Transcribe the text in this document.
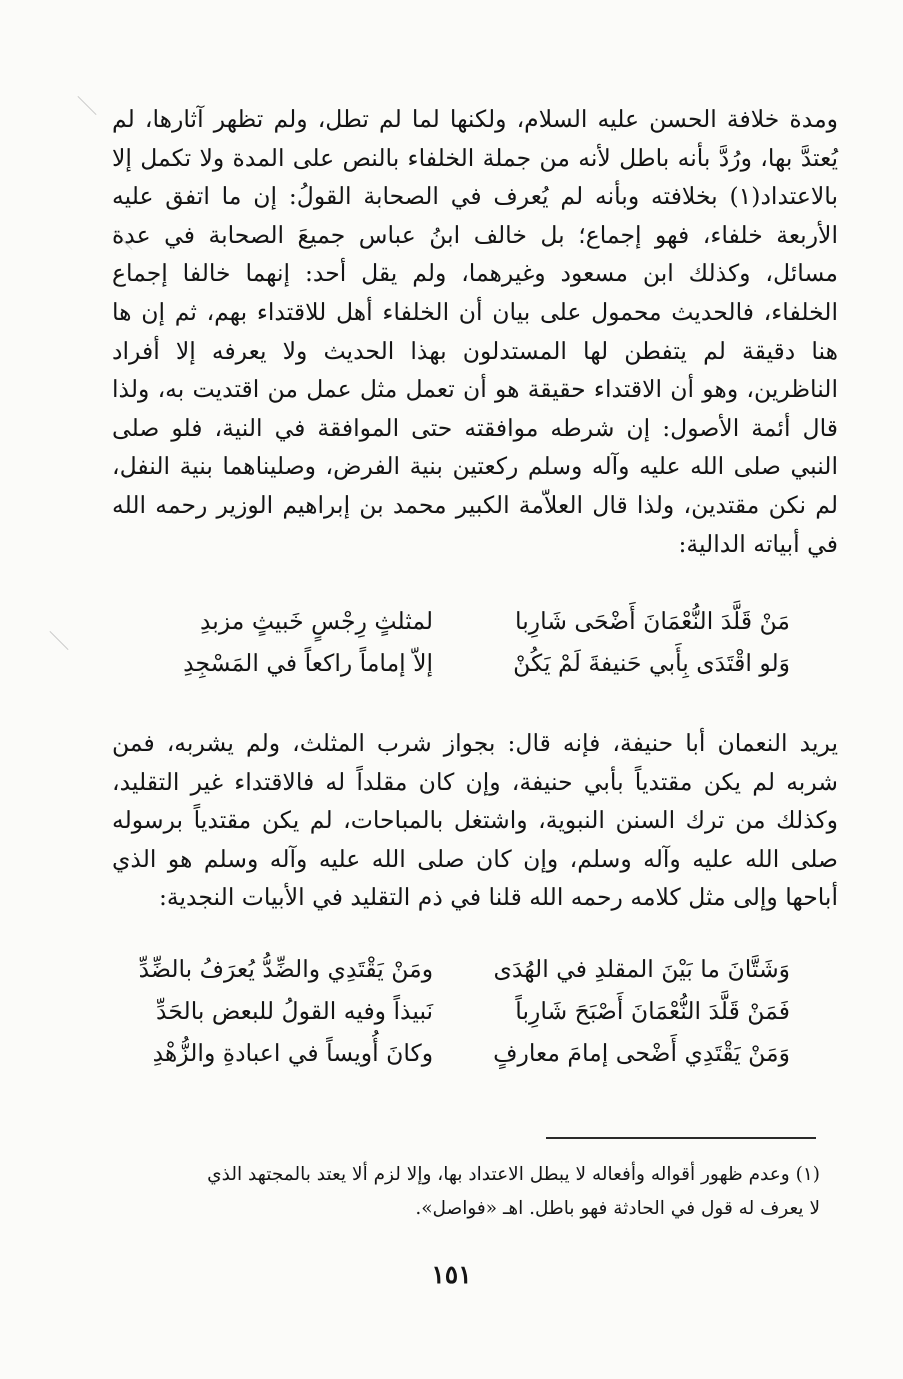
ومدة خلافة الحسن عليه السلام، ولكنها لما لم تطل، ولم تظهر آثارها، لم يُعتدَّ بها، ورُدَّ بأنه باطل لأنه من جملة الخلفاء بالنص على المدة ولا تكمل إلا بالاعتداد(١) بخلافته وبأنه لم يُعرف في الصحابة القولُ: إن ما اتفق عليه الأربعة خلفاء، فهو إجماع؛ بل خالف ابنُ عباس جميعَ الصحابة في عدة مسائل، وكذلك ابن مسعود وغيرهما، ولم يقل أحد: إنهما خالفا إجماع الخلفاء، فالحديث محمول على بيان أن الخلفاء أهل للاقتداء بهم، ثم إن ها هنا دقيقة لم يتفطن لها المستدلون بهذا الحديث ولا يعرفه إلا أفراد الناظرين، وهو أن الاقتداء حقيقة هو أن تعمل مثل عمل من اقتديت به، ولذا قال أئمة الأصول: إن شرطه موافقته حتى الموافقة في النية، فلو صلى النبي صلى الله عليه وآله وسلم ركعتين بنية الفرض، وصليناهما بنية النفل، لم نكن مقتدين، ولذا قال العلاّمة الكبير محمد بن إبراهيم الوزير رحمه الله في أبياته الدالية:

مَنْ قَلَّدَ النُّعْمَانَ أَضْحَى شَارِبا
لمثلثٍ رِجْسٍ خَبيثٍ مزبدِ
وَلو اقْتَدَى بِأَبي حَنيفةَ لَمْ يَكُنْ
إلاّ إماماً راكعاً في المَسْجِدِ

يريد النعمان أبا حنيفة، فإنه قال: بجواز شرب المثلث، ولم يشربه، فمن شربه لم يكن مقتدياً بأبي حنيفة، وإن كان مقلداً له فالاقتداء غير التقليد، وكذلك من ترك السنن النبوية، واشتغل بالمباحات، لم يكن مقتدياً برسوله صلى الله عليه وآله وسلم، وإن كان صلى الله عليه وآله وسلم هو الذي أباحها وإلى مثل كلامه رحمه الله قلنا في ذم التقليد في الأبيات النجدية:

وَشَتَّانَ ما بَيْنَ المقلدِ في الهُدَى
ومَنْ يَقْتَدِي والضِّدُّ يُعرَفُ بالضِّدِّ
فَمَنْ قَلَّدَ النُّعْمَانَ أَصْبَحَ شَارِباً
نَبيذاً وفيه القولُ للبعض بالحَدِّ
وَمَنْ يَقْتَدِي أَضْحى إمامَ معارفٍ
وكانَ أُويساً في اعبادةِ والزُّهْدِ

(١) وعدم ظهور أقواله وأفعاله لا يبطل الاعتداد بها، وإلا لزم ألا يعتد بالمجتهد الذي

لا يعرف له قول في الحادثة فهو باطل. اهـ «فواصل».

١٥١
